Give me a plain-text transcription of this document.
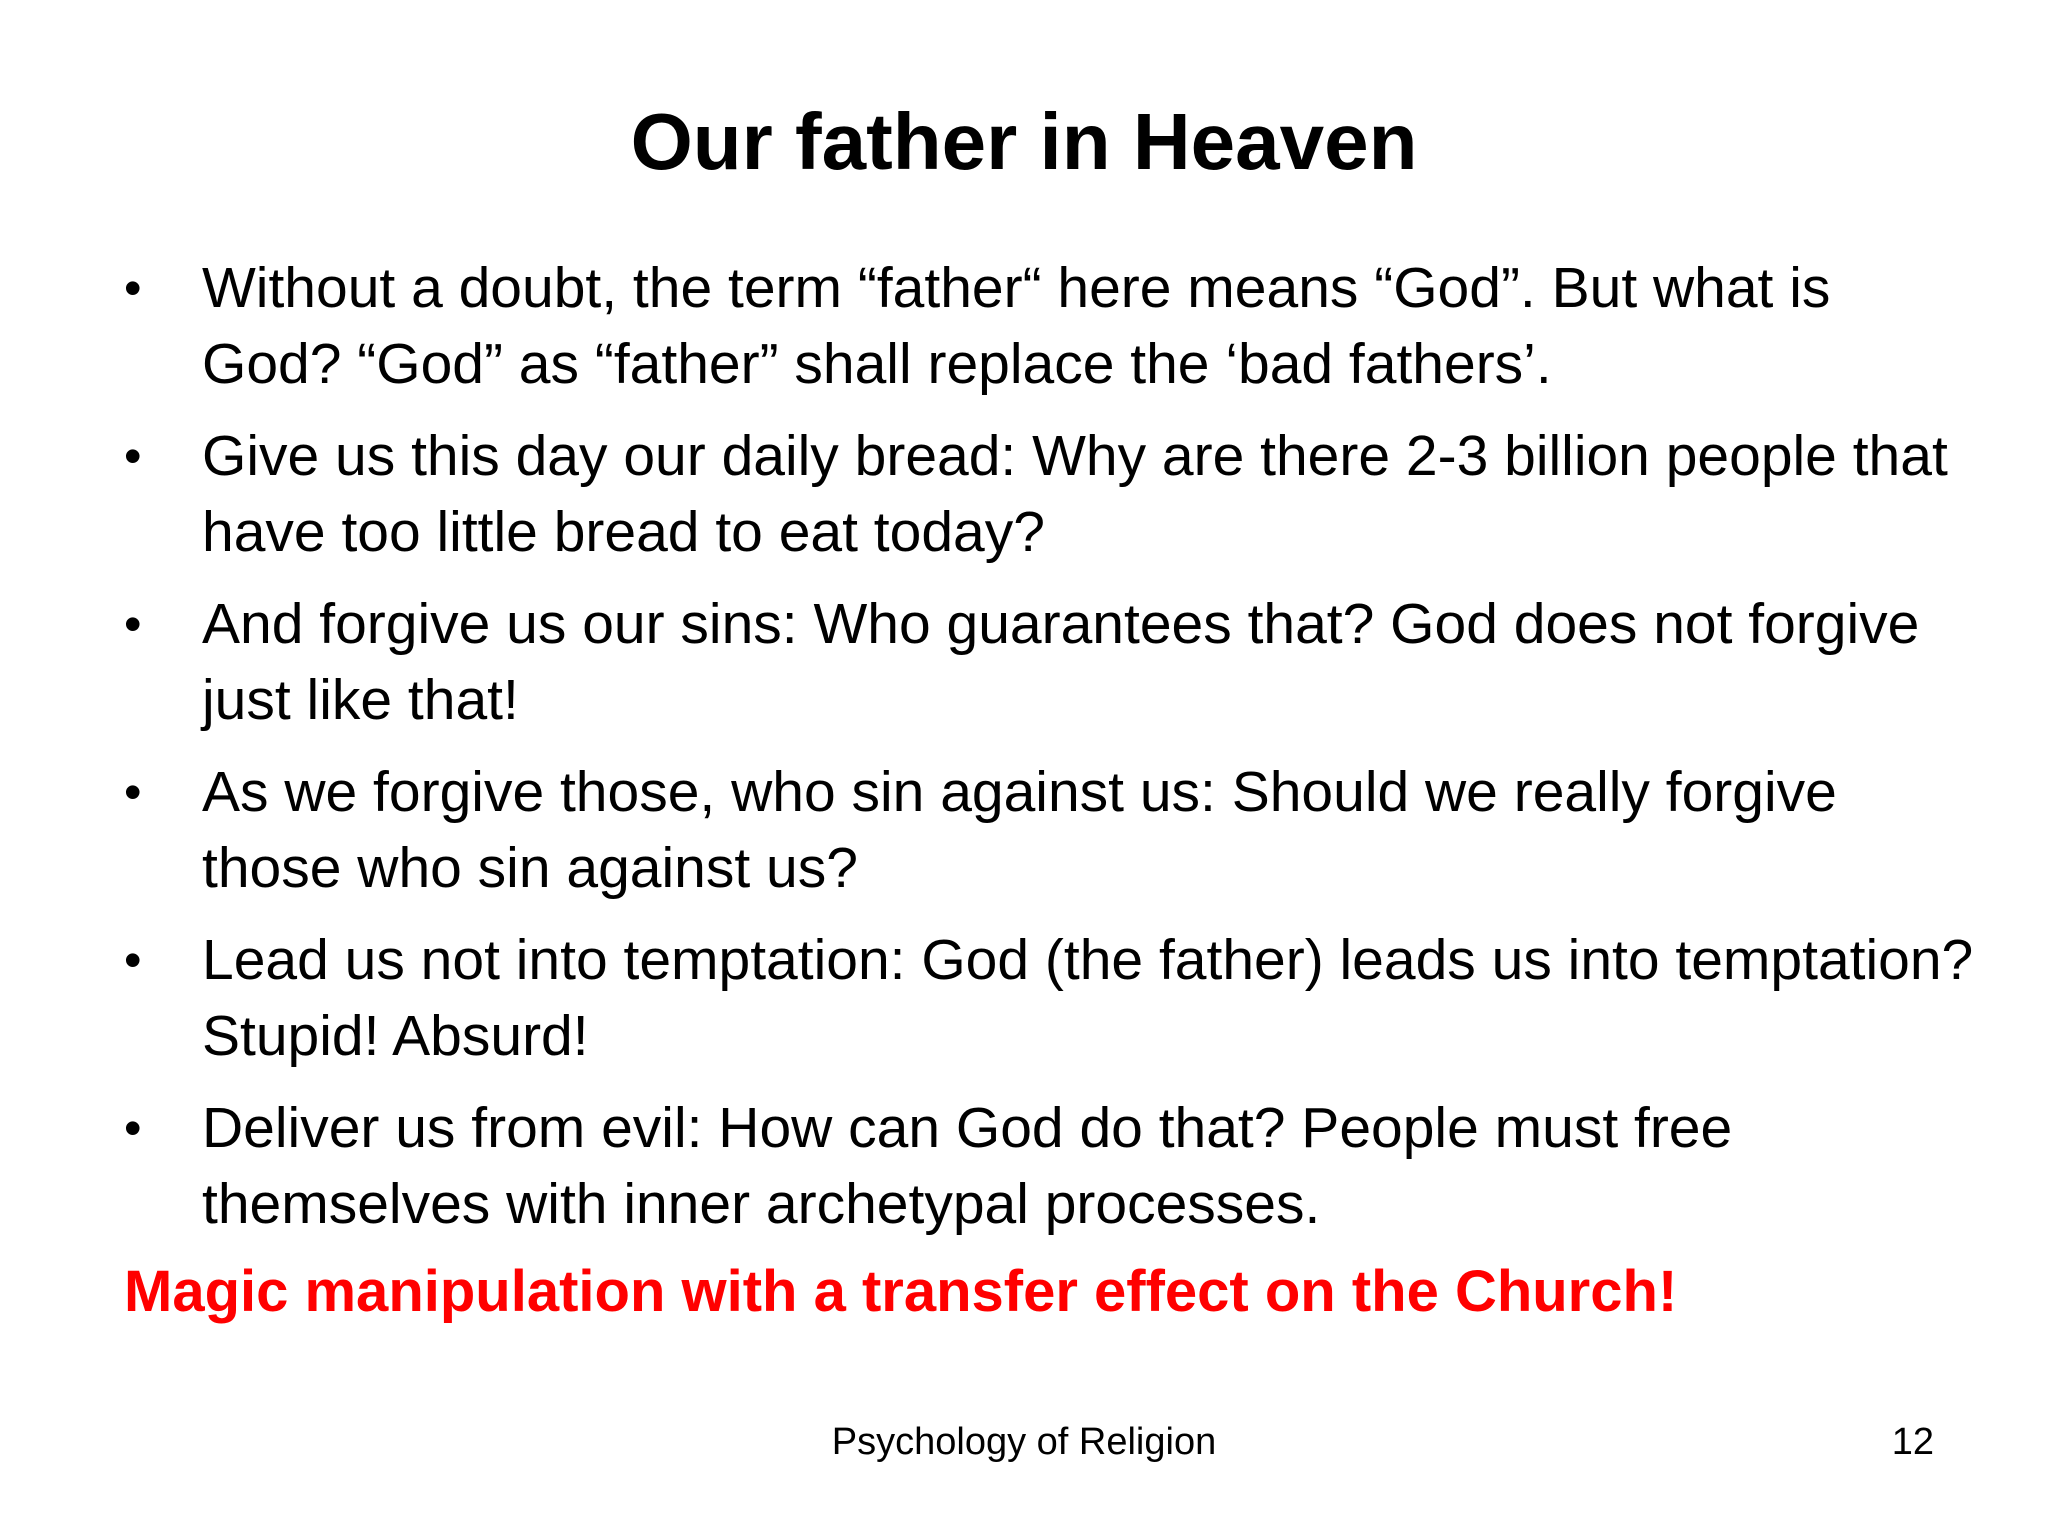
Our father in Heaven
•	Without a doubt, the term “father“ here means “God”. But what is God? “God” as “father” shall replace the ‘bad fathers’.
•	Give us this day our daily bread: Why are there 2-3 billion people that have too little bread to eat today?
•	And forgive us our sins: Who guarantees that? God does not forgive just like that!
•	As we forgive those, who sin against us: Should we really forgive those who sin against us?
•	Lead us not into temptation: God (the father) leads us into temptation? Stupid! Absurd!
•	Deliver us from evil: How can God do that? People must free themselves with inner archetypal processes.
Magic manipulation with a transfer effect on the Church!
Psychology of Religion	12
